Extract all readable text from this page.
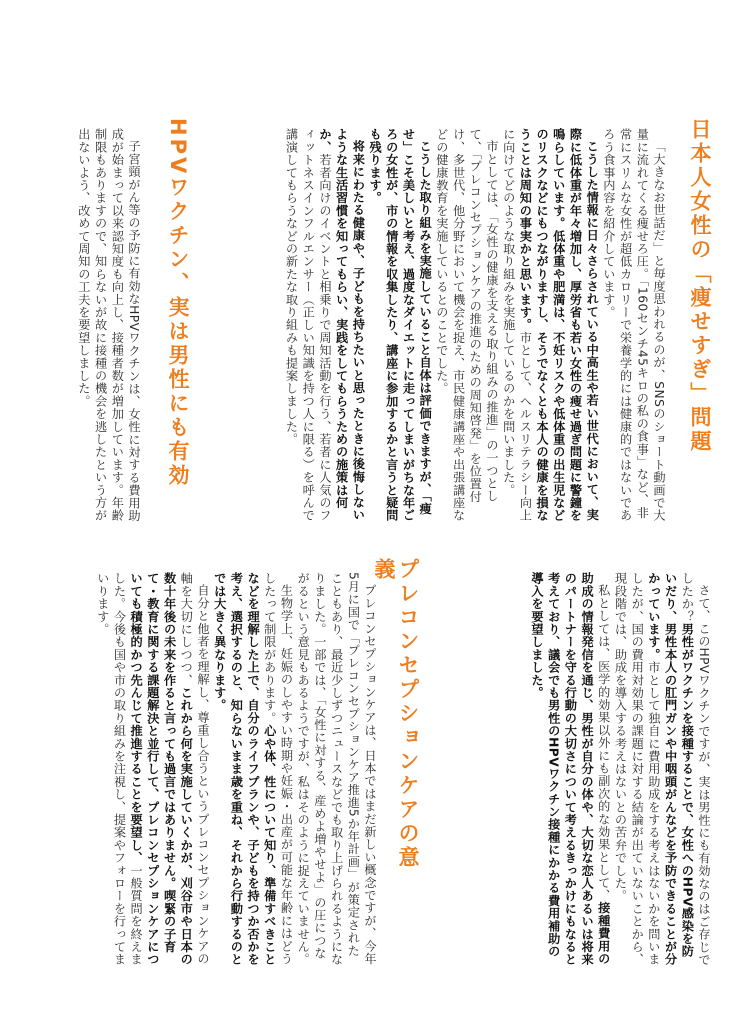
日本人女性の「痩せすぎ」問題

「大きなお世話だ」と毎度思われるのが、SNSのショート動画で大量に流れてくる痩せろ圧。「160センチ45キロの私の食事」など、非常にスリムな女性が超低カロリーで栄養学的には健康的ではないであろう食事内容を紹介しています。

こうした情報に日々さらされている中高生や若い世代において、実際に低体重が年々増加し、厚労省も若い女性の痩せ過ぎ問題に警鐘を鳴らしています。低体重や肥満は、不妊リスクや低体重の出生児などのリスクなどにもつながりますし、そうでなくとも本人の健康を損なうことは周知の事実かと思います。市として、ヘルスリテラシー向上に向けてどのような取り組みを実施しているのかを問いました。

市としては、「女性の健康を支える取り組みの推進」の一つとして、「プレコンセプションケアの推進のための周知啓発」を位置付け、多世代、他分野において機会を捉え、市民健康講座や出張講座などの健康教育を実施しているとのことでした。

こうした取り組みを実施していること自体は評価できますが、「痩せ」こそ美しいと考え、過度なダイエットに走ってしまいがちな年ごろの女性が、市の情報を収集したり、講座に参加するかと言うと疑問も残ります。

将来にわたる健康や、子どもを持ちたいと思ったときに後悔しないような生活習慣を知ってもらい、実践をしてもらうための施策は何か、若者向けのイベントと相乗りで周知活動を行う、若者に人気のフィットネスインフルエンサー（正しい知識を持つ人に限る）を呼んで講演してもらうなどの新たな取り組みも提案しました。

HPVワクチン、実は男性にも有効

子宮頸がん等の予防に有効なHPVワクチンは、女性に対する費用助成が始まって以来認知度も向上し、接種者数が増加しています。年齢制限もありますので、知らないが故に接種の機会を逃したという方が出ないよう、改めて周知の工夫を要望しました。

さて、このHPVワクチンですが、実は男性にも有効なのはご存じでしたか？男性がワクチンを接種することで、女性へのHPV感染を防いだり、男性本人の肛門ガンや中咽頭がんなどを予防できることが分かっています。市として独自に費用助成をする考えはないかを問いましたが、国の費用対効果の課題に対する結論が出ていないことから、現段階では、助成を導入する考えはないとの苦弁でした。

私としては、医学的効果以外にも副次的な効果として、接種費用の助成の情報発信を通じ、男性が自分の体や、大切な恋人あるいは将来のパートナーを守る行動の大切さについて考えるきっかけにもなると考えており、議会でも男性のHPVワクチン接種にかかる費用補助の導入を要望しました。

プレコンセプションケアの意義

プレコンセプションケアは、日本ではまだ新しい概念ですが、今年5月に国で「プレコンセプションケア推進5か年計画」が策定されたこともあり、最近少しずつニュースなどでも取り上げられるようになりました。一部では、「女性に対する、産めよ増やせよ」の圧につながるという意見もあるようですが、私はそのように捉えていません。

生物学上、妊娠のしやすい時期や妊娠・出産が可能な年齢にはどうしたって制限があります。心や体、性について知り、準備すべきことなどを理解した上で、自分のライフプランや、子どもを持つか否かを考え、選択するのと、知らないまま歳を重ね、それから行動するのとでは大きく異なります。

自分と他者を理解し、尊重し合うというプレコンセプションケアの軸を大切にしつつ、これから何を実施していくかが、刈谷市や日本の数十年後の未来を作ると言っても過言ではありません。喫緊の子育て・教育に関する課題解決と並行して、プレコンセプションケアについても積極的かつ先んじて推進することを要望し、一般質問を終えました。今後も国や市の取り組みを注視し、提案やフォローを行ってまいります。
